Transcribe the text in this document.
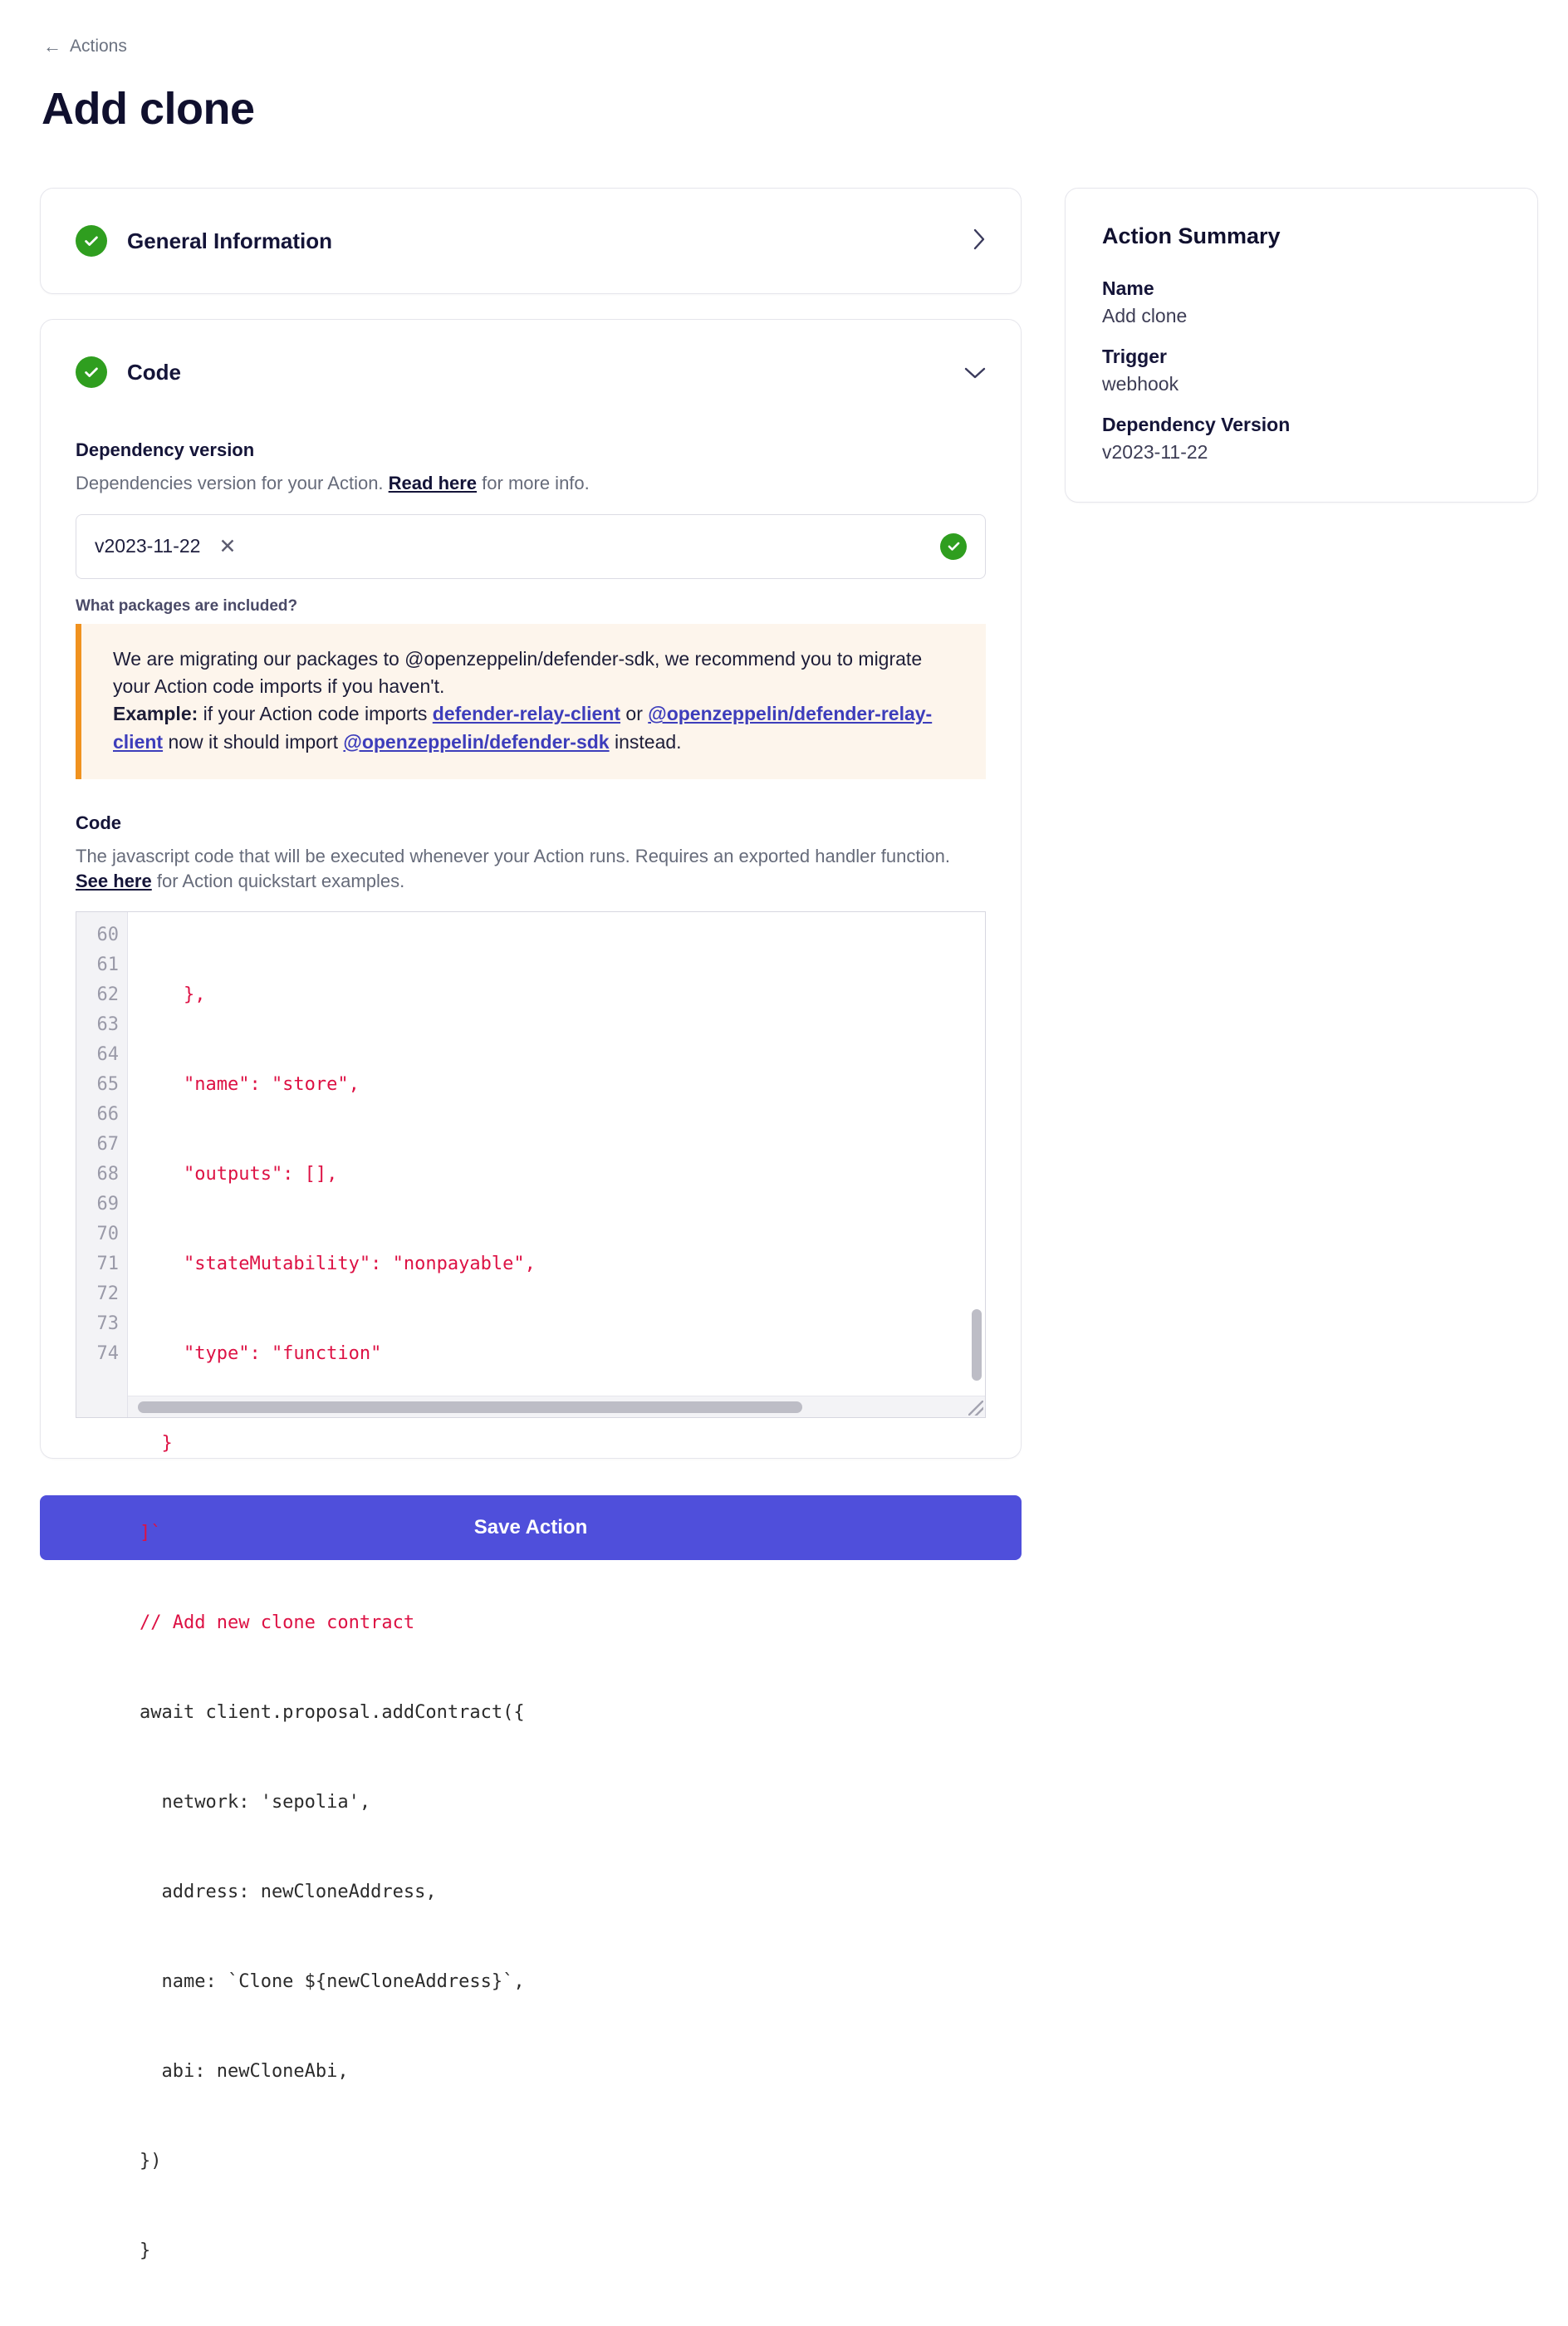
← Actions
Add clone
General Information
Code
Dependency version
Dependencies version for your Action. Read here for more info.
v2023-11-22 ✕
What packages are included?
We are migrating our packages to @openzeppelin/defender-sdk, we recommend you to migrate your Action code imports if you haven't.
Example: if your Action code imports defender-relay-client or @openzeppelin/defender-relay-client now it should import @openzeppelin/defender-sdk instead.
Code
The javascript code that will be executed whenever your Action runs. Requires an exported handler function. See here for Action quickstart examples.
60
61
62
63
64
65
66
67
68
69
70
71
72
73
74

},

"name": "store",

"outputs": [],

"stateMutability": "nonpayable",

"type": "function"

}

]`

// Add new clone contract

await client.proposal.addContract({

network: 'sepolia',

address: newCloneAddress,

name: `Clone ${newCloneAddress}`,

abi: newCloneAbi,

})

}

Save Action
Action Summary
Name
Add clone
Trigger
webhook
Dependency Version
v2023-11-22
